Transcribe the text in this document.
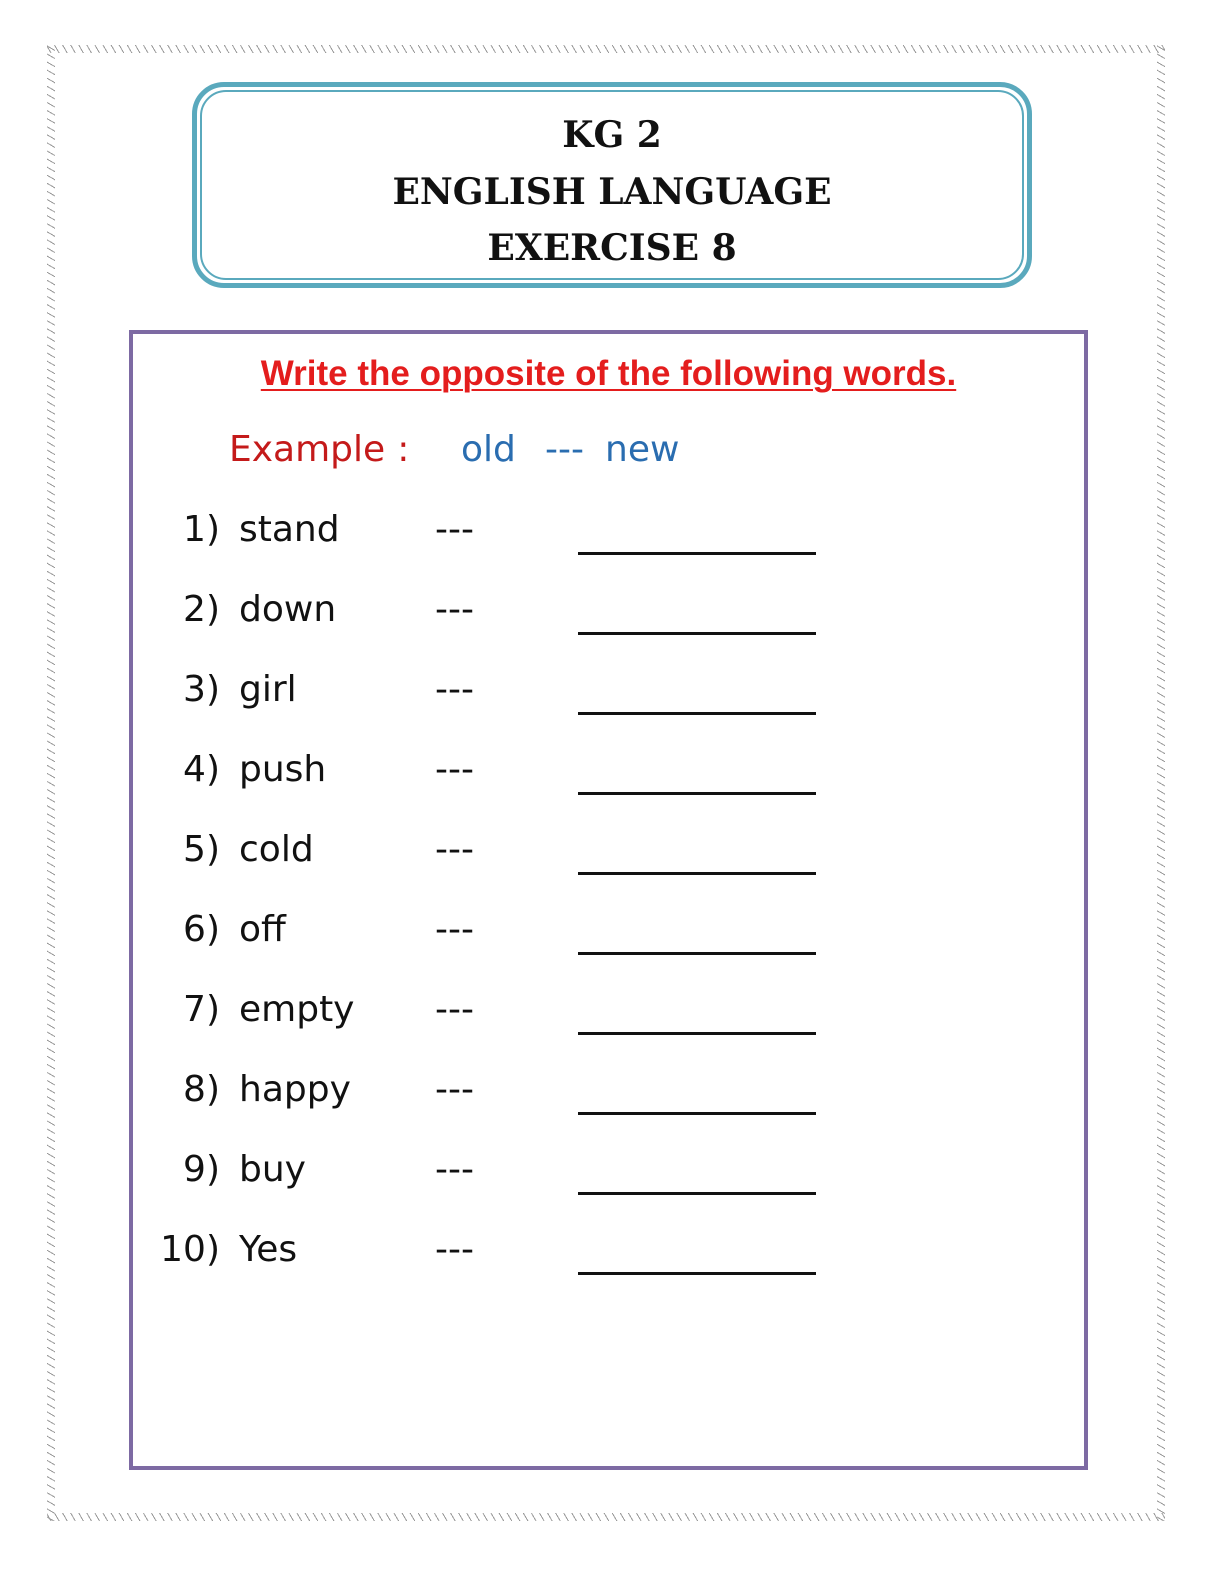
KG 2
ENGLISH LANGUAGE
EXERCISE 8
Write the opposite of the following words.
Example : old --- new
1) stand	---
2) down	---
3) girl	---
4) push	---
5) cold	---
6) off	---
7) empty ---
8) happy ---
9) buy	---
10) Yes	---
